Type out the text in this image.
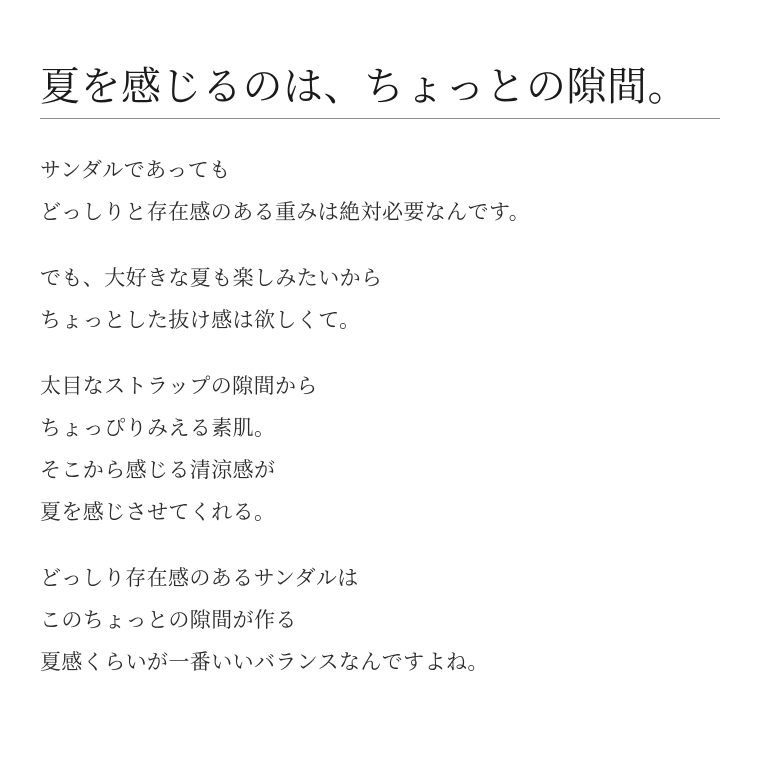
夏を感じるのは、ちょっとの隙間。

サンダルであっても
どっしりと存在感のある重みは絶対必要なんです。

でも、大好きな夏も楽しみたいから
ちょっとした抜け感は欲しくて。

太目なストラップの隙間から
ちょっぴりみえる素肌。
そこから感じる清涼感が
夏を感じさせてくれる。

どっしり存在感のあるサンダルは
このちょっとの隙間が作る
夏感くらいが一番いいバランスなんですよね。
